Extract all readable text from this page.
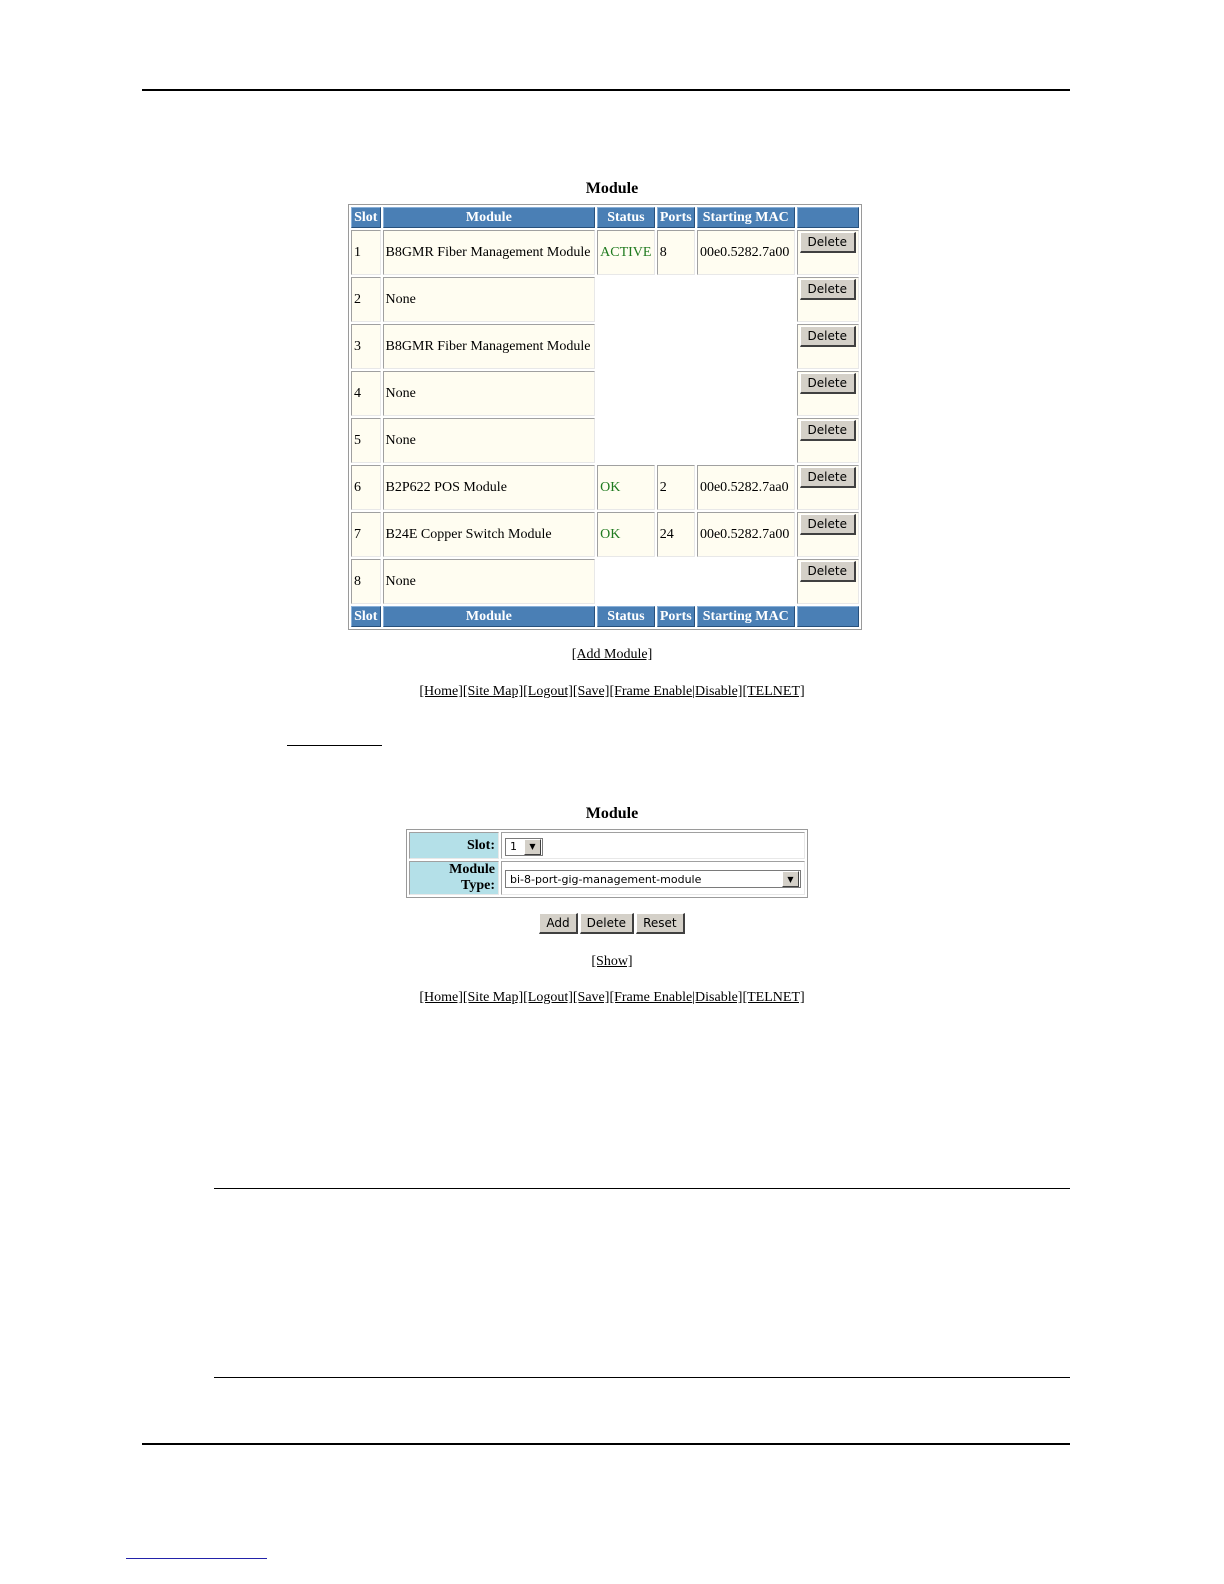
Module
Slot	Module	Status	Ports	Starting MAC	
1	B8GMR Fiber Management Module	ACTIVE	8	00e0.5282.7a00	Delete
2	None				Delete
3	B8GMR Fiber Management Module				Delete
4	None				Delete
5	None				Delete
6	B2P622 POS Module	OK	2	00e0.5282.7aa0	Delete
7	B24E Copper Switch Module	OK	24	00e0.5282.7a00	Delete
8	None				Delete
Slot	Module	Status	Ports	Starting MAC	
[Add Module]
[Home][Site Map][Logout][Save][Frame Enable|Disable][TELNET]
Module
Slot:	1 ▼

Module Type:	bi-8-port-gig-management-module ▼
Add Delete Reset
[Show]
[Home][Site Map][Logout][Save][Frame Enable|Disable][TELNET]
